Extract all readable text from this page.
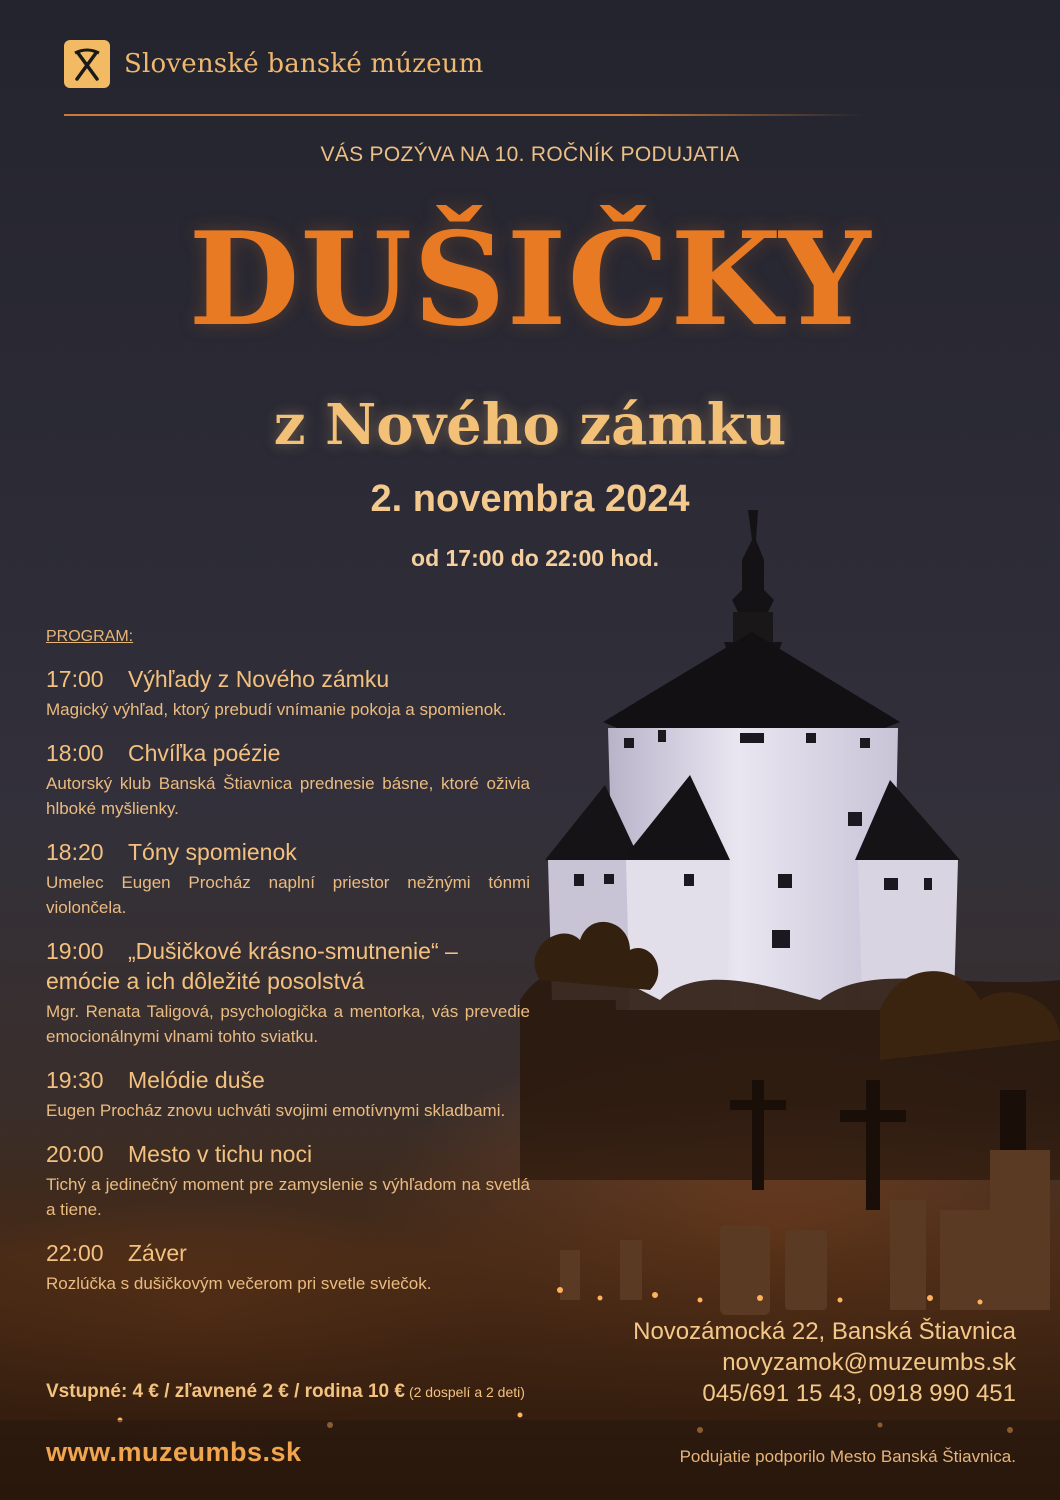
Slovenské banské múzeum
VÁS POZÝVA NA 10. ROČNÍK PODUJATIA
DUŠIČKY
z Nového zámku
2. novembra 2024
od 17:00 do 22:00 hod.
PROGRAM:
17:00	Výhľady z Nového zámku
Magický výhľad, ktorý prebudí vnímanie pokoja a spomienok.
18:00	Chvíľka poézie
Autorský klub Banská Štiavnica prednesie básne, ktoré oživia hlboké myšlienky.
18:20	Tóny spomienok
Umelec Eugen Procház naplní priestor nežnými tónmi violončela.
19:00 „Dušičkové krásno-smutnenie“ – emócie a ich dôležité posolstvá
Mgr. Renata Taligová, psychologička a mentorka, vás prevedie emocionálnymi vlnami tohto sviatku.
19:30	Melódie duše
Eugen Procház znovu uchváti svojimi emotívnymi skladbami.
20:00	Mesto v tichu noci
Tichý a jedinečný moment pre zamyslenie s výhľadom na svetlá a tiene.
22:00	Záver
Rozlúčka s dušičkovým večerom pri svetle sviečok.
Vstupné: 4 € / zľavnené 2 € / rodina 10 € (2 dospelí a 2 deti)
Novozámocká 22, Banská Štiavnica
novyzamok@muzeumbs.sk
045/691 15 43, 0918 990 451
www.muzeumbs.sk	Podujatie podporilo Mesto Banská Štiavnica.
